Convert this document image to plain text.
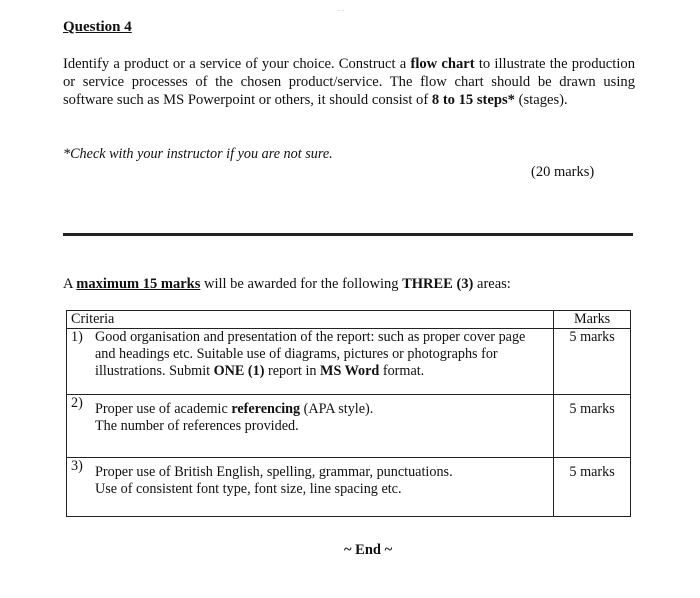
…
Question 4

Identify a product or a service of your choice. Construct a flow chart to illustrate the production or service processes of the chosen product/service. The flow chart should be drawn using software such as MS Powerpoint or others, it should consist of 8 to 15 steps* (stages).

*Check with your instructor if you are not sure.
(20 marks)
A maximum 15 marks will be awarded for the following THREE (3) areas:
Criteria	Marks

1) Good organisation and presentation of the report: such as proper cover page and headings etc. Suitable use of diagrams, pictures or photographs for illustrations. Submit ONE (1) report in MS Word format.	5 marks

2) Proper use of academic referencing (APA style).
The number of references provided.	5 marks

3) Proper use of British English, spelling, grammar, punctuations.
Use of consistent font type, font size, line spacing etc.	5 marks
~ End ~
